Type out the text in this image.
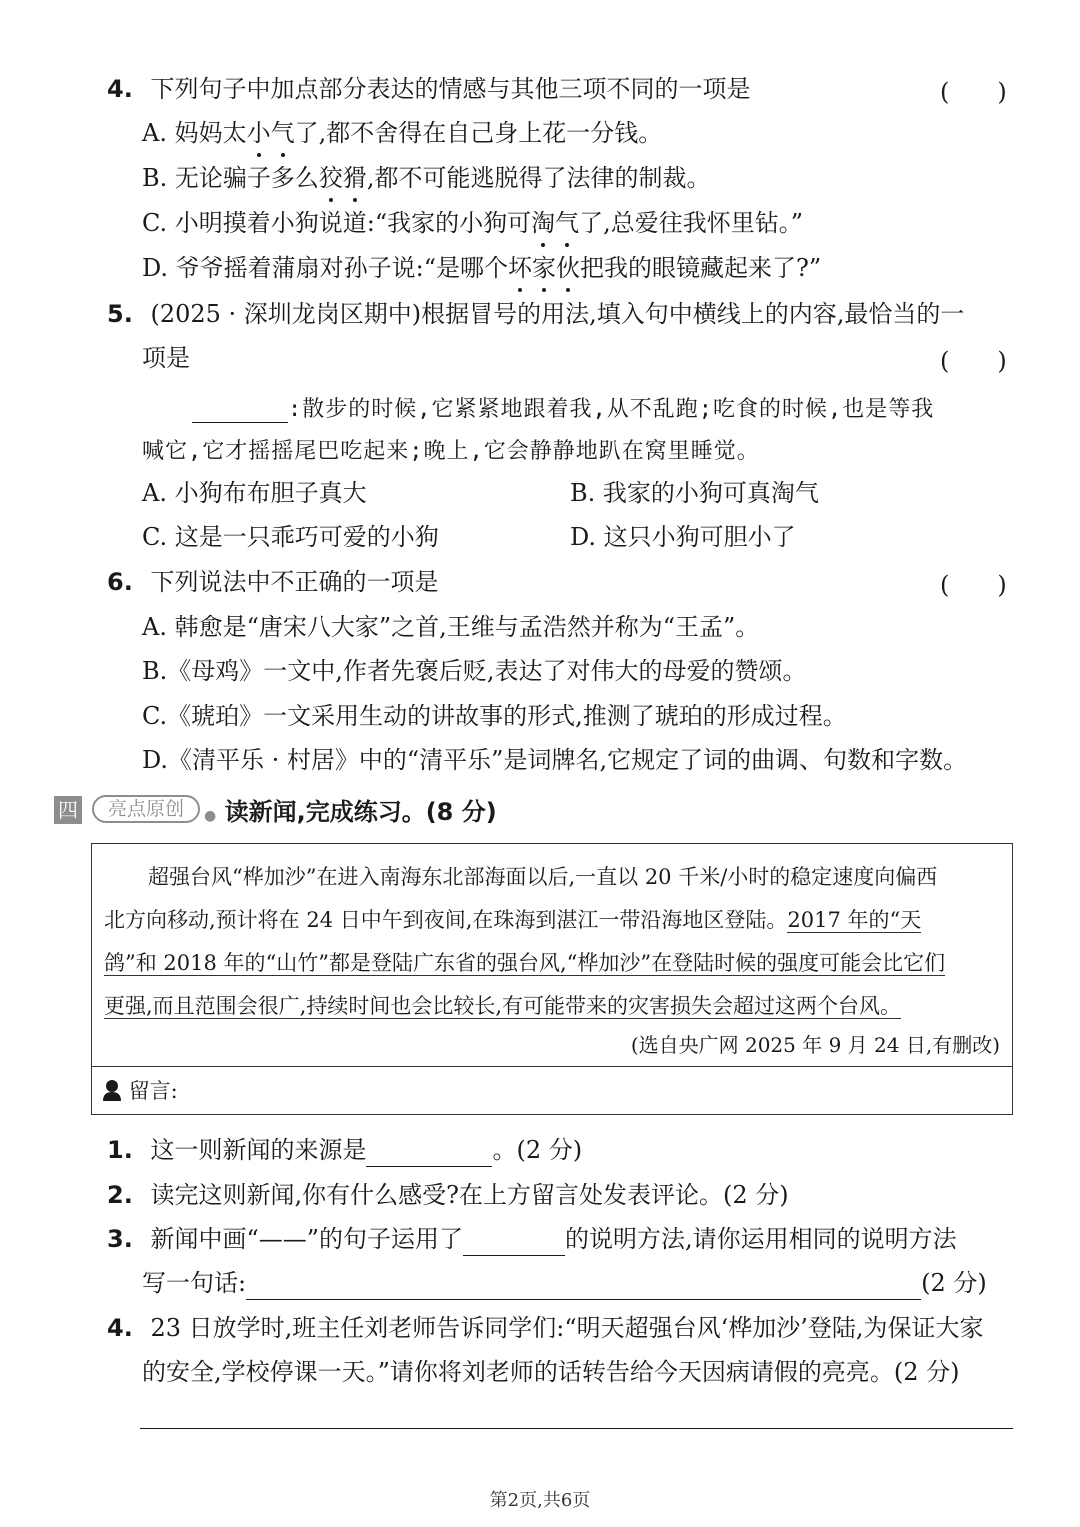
4. 下列句子中加点部分表达的情感与其他三项不同的一项是	(　　)
A. 妈妈太小气了,都不舍得在自己身上花一分钱。
B. 无论骗子多么狡猾,都不可能逃脱得了法律的制裁。
C. 小明摸着小狗说道:“我家的小狗可淘气了,总爱往我怀里钻。”
D. 爷爷摇着蒲扇对孙子说:“是哪个坏家伙把我的眼镜藏起来了?”
5. (2025 · 深圳龙岗区期中)根据冒号的用法,填入句中横线上的内容,最恰当的一
项是	(　　)
:散步的时候,它紧紧地跟着我,从不乱跑;吃食的时候,也是等我
喊它,它才摇摇尾巴吃起来;晚上,它会静静地趴在窝里睡觉。
A. 小狗布布胆子真大	B. 我家的小狗可真淘气
C. 这是一只乖巧可爱的小狗	D. 这只小狗可胆小了
6. 下列说法中不正确的一项是	(　　)
A. 韩愈是“唐宋八大家”之首,王维与孟浩然并称为“王孟”。
B.《母鸡》一文中,作者先褒后贬,表达了对伟大的母爱的赞颂。
C.《琥珀》一文采用生动的讲故事的形式,推测了琥珀的形成过程。
D.《清平乐 · 村居》中的“清平乐”是词牌名,它规定了词的曲调、句数和字数。
四	亮点原创	● 读新闻,完成练习。(8 分)
超强台风“桦加沙”在进入南海东北部海面以后,一直以 20 千米/小时的稳定速度向偏西
北方向移动,预计将在 24 日中午到夜间,在珠海到湛江一带沿海地区登陆。2017 年的“天
鸽”和 2018 年的“山竹”都是登陆广东省的强台风,“桦加沙”在登陆时候的强度可能会比它们
更强,而且范围会很广,持续时间也会比较长,有可能带来的灾害损失会超过这两个台风。
(选自央广网 2025 年 9 月 24 日,有删改)
留言:
1. 这一则新闻的来源是	。(2 分)
2. 读完这则新闻,你有什么感受?在上方留言处发表评论。(2 分)
3. 新闻中画“——”的句子运用了	的说明方法,请你运用相同的说明方法
写一句话:	(2 分)
4. 23 日放学时,班主任刘老师告诉同学们:“明天超强台风‘桦加沙’登陆,为保证大家
的安全,学校停课一天。”请你将刘老师的话转告给今天因病请假的亮亮。(2 分)
第2页,共6页
